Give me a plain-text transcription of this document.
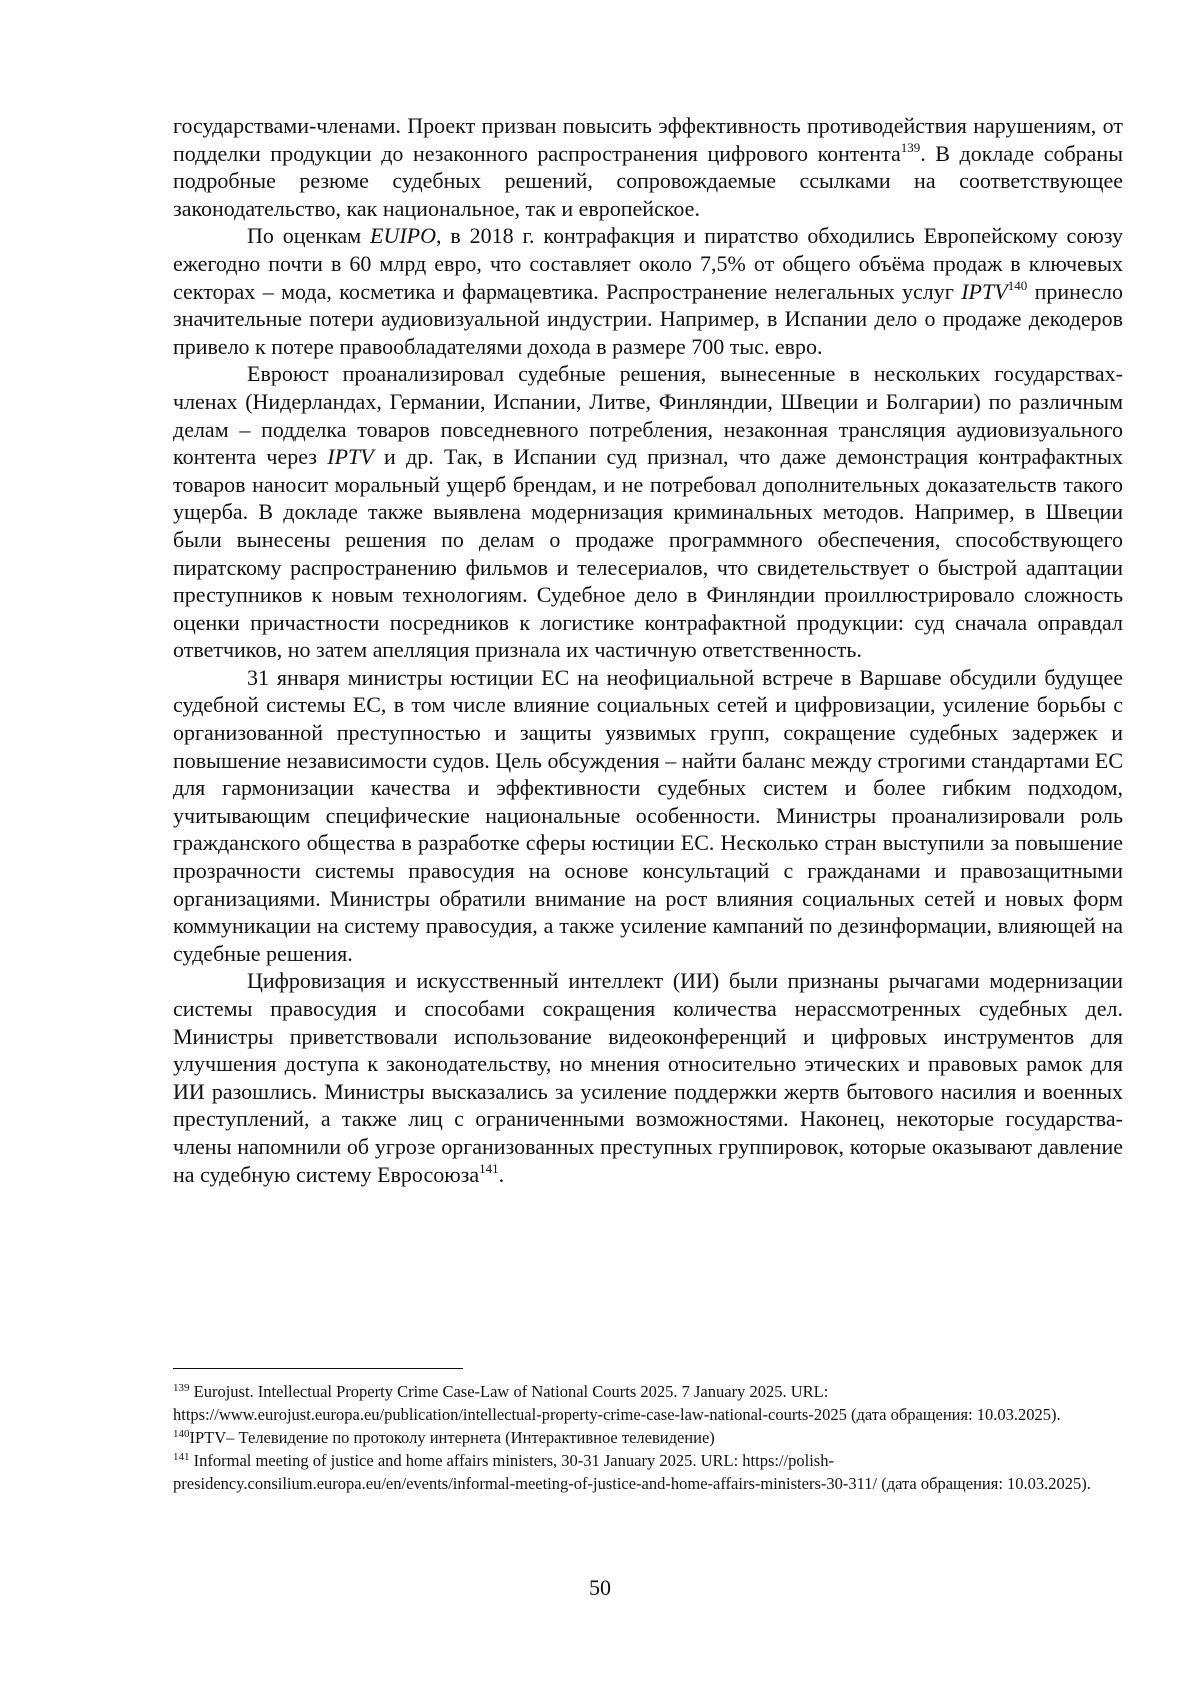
государствами-членами. Проект призван повысить эффективность противодействия нарушениям, от подделки продукции до незаконного распространения цифрового контента$^{139}$. В докладе собраны подробные резюме судебных решений, сопровождаемые ссылками на соответствующее законодательство, как национальное, так и европейское.

По оценкам EUIPO, в 2018 г. контрафакция и пиратство обходились Европейскому союзу ежегодно почти в 60 млрд евро, что составляет около 7,5% от общего объёма продаж в ключевых секторах – мода, косметика и фармацевтика. Распространение нелегальных услуг IPTV$^{140}$ принесло значительные потери аудиовизуальной индустрии. Например, в Испании дело о продаже декодеров привело к потере правообладателями дохода в размере 700 тыс. евро.

Евроюст проанализировал судебные решения, вынесенные в нескольких государствах-членах (Нидерландах, Германии, Испании, Литве, Финляндии, Швеции и Болгарии) по различным делам – подделка товаров повседневного потребления, незаконная трансляция аудиовизуального контента через IPTV и др. Так, в Испании суд признал, что даже демонстрация контрафактных товаров наносит моральный ущерб брендам, и не потребовал дополнительных доказательств такого ущерба. В докладе также выявлена модернизация криминальных методов. Например, в Швеции были вынесены решения по делам о продаже программного обеспечения, способствующего пиратскому распространению фильмов и телесериалов, что свидетельствует о быстрой адаптации преступников к новым технологиям. Судебное дело в Финляндии проиллюстрировало сложность оценки причастности посредников к логистике контрафактной продукции: суд сначала оправдал ответчиков, но затем апелляция признала их частичную ответственность.

31 января министры юстиции ЕС на неофициальной встрече в Варшаве обсудили будущее судебной системы ЕС, в том числе влияние социальных сетей и цифровизации, усиление борьбы с организованной преступностью и защиты уязвимых групп, сокращение судебных задержек и повышение независимости судов. Цель обсуждения – найти баланс между строгими стандартами ЕС для гармонизации качества и эффективности судебных систем и более гибким подходом, учитывающим специфические национальные особенности. Министры проанализировали роль гражданского общества в разработке сферы юстиции ЕС. Несколько стран выступили за повышение прозрачности системы правосудия на основе консультаций с гражданами и правозащитными организациями. Министры обратили внимание на рост влияния социальных сетей и новых форм коммуникации на систему правосудия, а также усиление кампаний по дезинформации, влияющей на судебные решения.

Цифровизация и искусственный интеллект (ИИ) были признаны рычагами модернизации системы правосудия и способами сокращения количества нерассмотренных судебных дел. Министры приветствовали использование видеоконференций и цифровых инструментов для улучшения доступа к законодательству, но мнения относительно этических и правовых рамок для ИИ разошлись. Министры высказались за усиление поддержки жертв бытового насилия и военных преступлений, а также лиц с ограниченными возможностями. Наконец, некоторые государства-члены напомнили об угрозе организованных преступных группировок, которые оказывают давление на судебную систему Евросоюза$^{141}$.

$^{139}$ Eurojust. Intellectual Property Crime Case-Law of National Courts 2025. 7 January 2025. URL: https://www.eurojust.europa.eu/publication/intellectual-property-crime-case-law-national-courts-2025 (дата обращения: 10.03.2025).

$^{140}$IPTV– Телевидение по протоколу интернета (Интерактивное телевидение)

$^{141}$ Informal meeting of justice and home affairs ministers, 30-31 January 2025. URL: https://polish-presidency.consilium.europa.eu/en/events/informal-meeting-of-justice-and-home-affairs-ministers-30-311/ (дата обращения: 10.03.2025).

50
